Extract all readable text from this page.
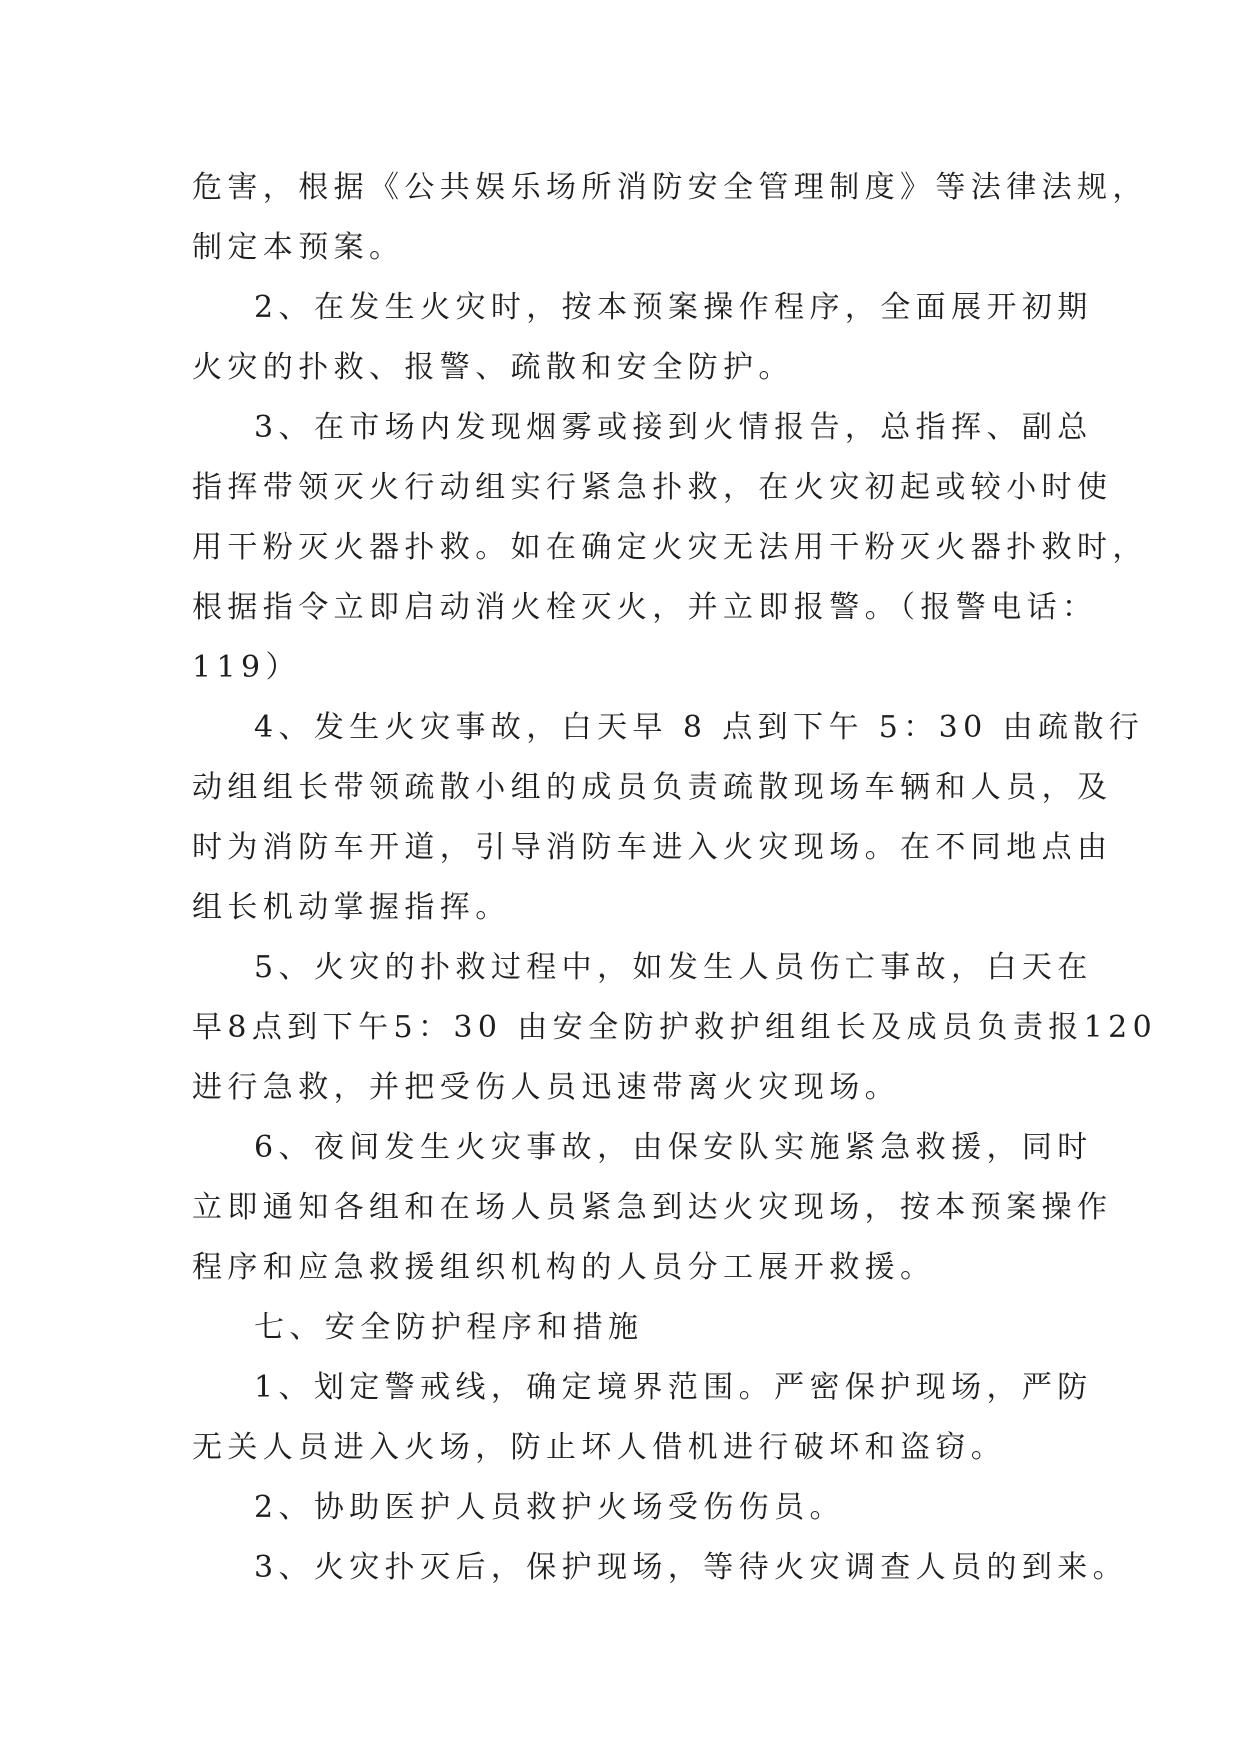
危害，根据《公共娱乐场所消防安全管理制度》等法律法规，
制定本预案。
2、在发生火灾时，按本预案操作程序，全面展开初期
火灾的扑救、报警、疏散和安全防护。
3、在市场内发现烟雾或接到火情报告，总指挥、副总
指挥带领灭火行动组实行紧急扑救，在火灾初起或较小时使
用干粉灭火器扑救。如在确定火灾无法用干粉灭火器扑救时，
根据指令立即启动消火栓灭火，并立即报警。（报警电话：
119）
4、发生火灾事故，白天早 8 点到下午 5：30 由疏散行
动组组长带领疏散小组的成员负责疏散现场车辆和人员，及
时为消防车开道，引导消防车进入火灾现场。在不同地点由
组长机动掌握指挥。
5、火灾的扑救过程中，如发生人员伤亡事故，白天在
早8点到下午5：30 由安全防护救护组组长及成员负责报120
进行急救，并把受伤人员迅速带离火灾现场。
6、夜间发生火灾事故，由保安队实施紧急救援，同时
立即通知各组和在场人员紧急到达火灾现场，按本预案操作
程序和应急救援组织机构的人员分工展开救援。
七、安全防护程序和措施
1、划定警戒线，确定境界范围。严密保护现场，严防
无关人员进入火场，防止坏人借机进行破坏和盗窃。
2、协助医护人员救护火场受伤伤员。
3、火灾扑灭后，保护现场，等待火灾调查人员的到来。
